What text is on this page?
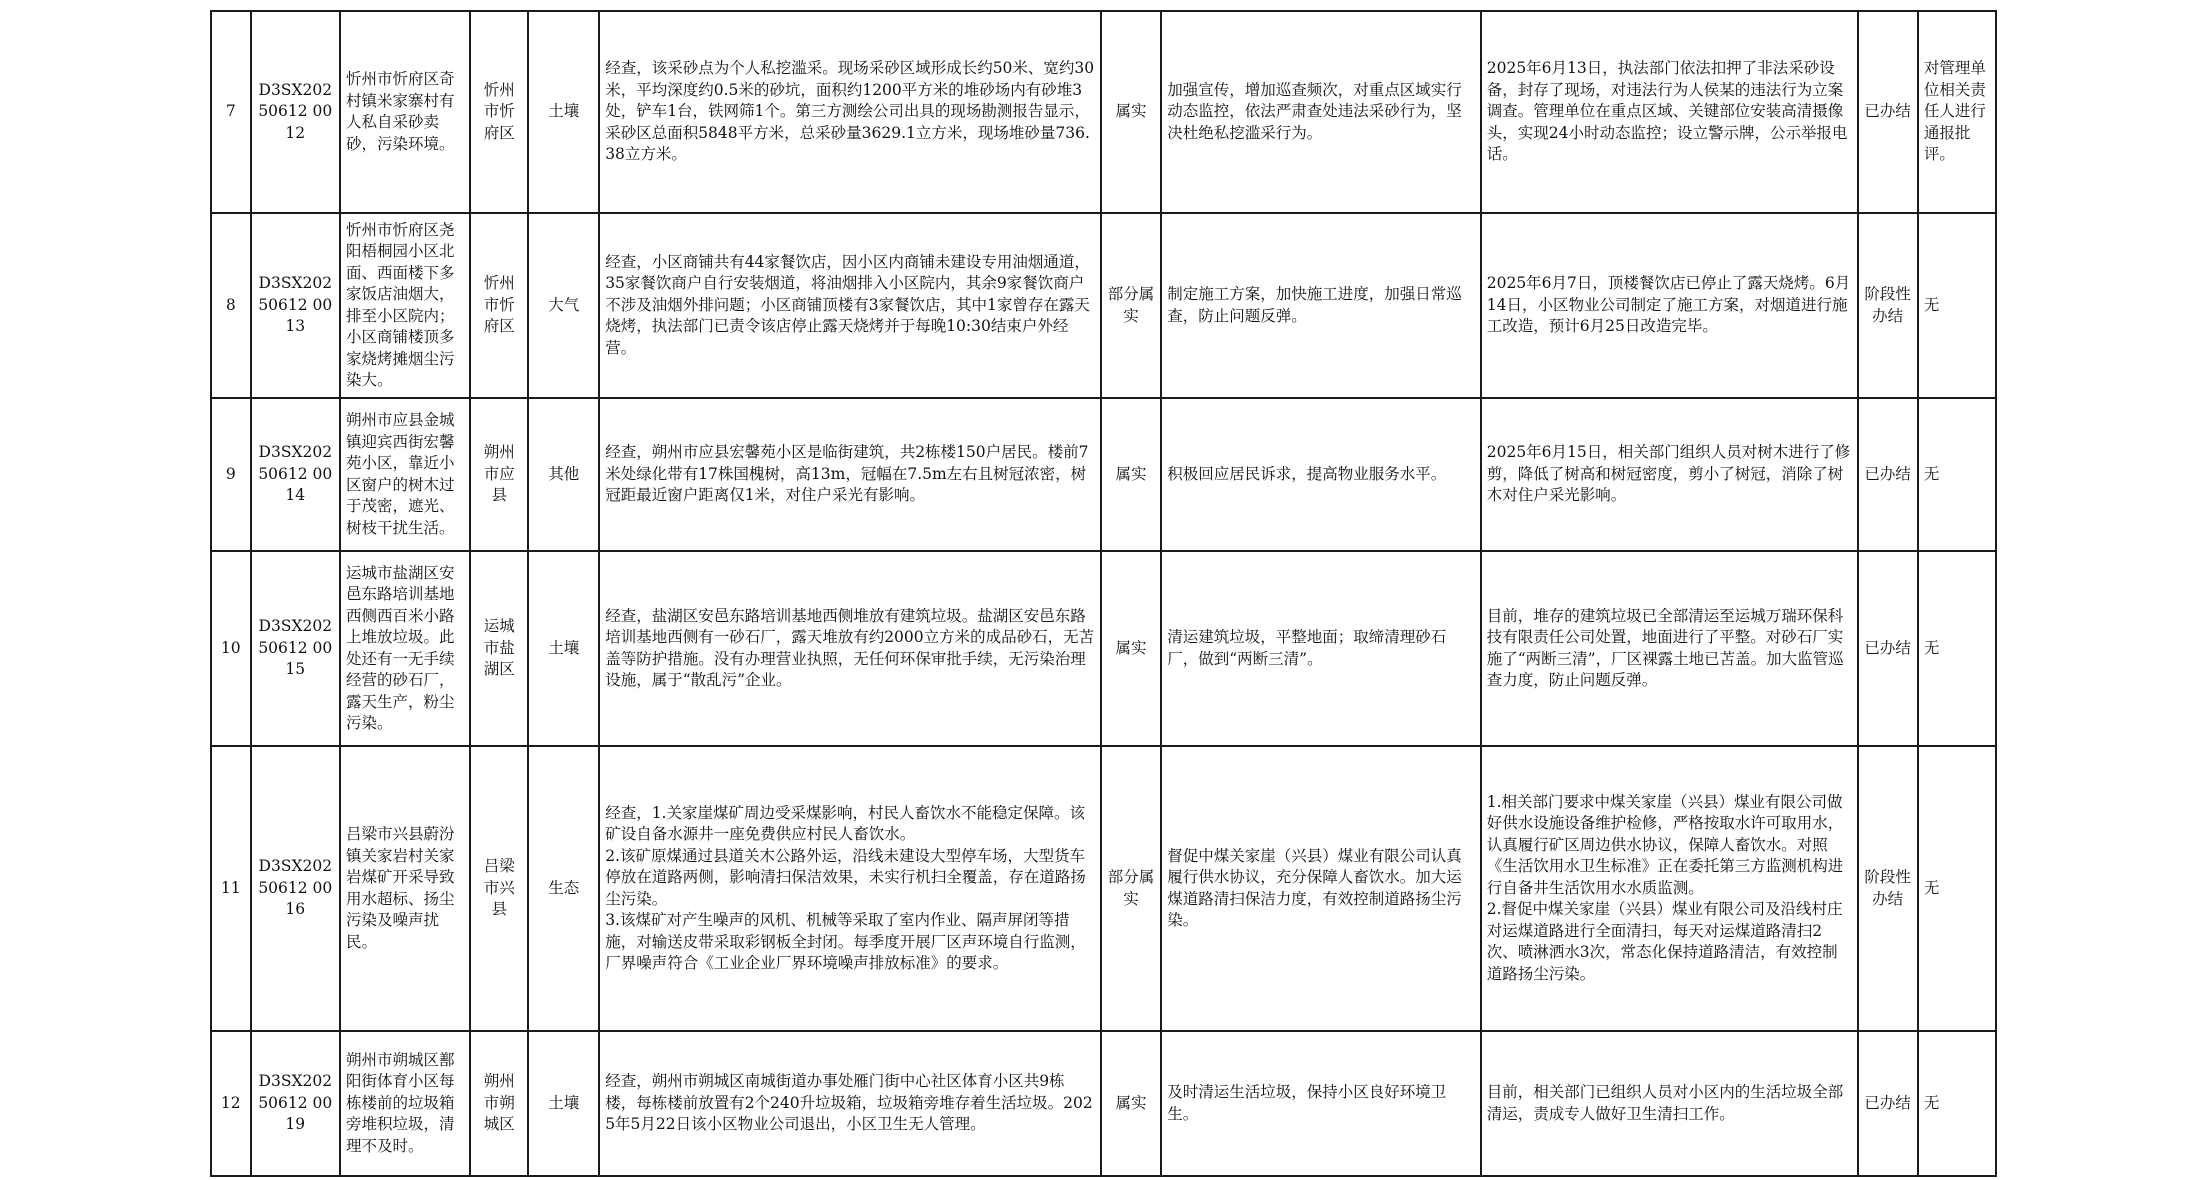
7	D3SX20250612 0012	忻州市忻府区奇村镇米家寨村有人私自采砂卖砂，污染环境。	忻州市忻府区	土壤	经查，该采砂点为个人私挖滥采。现场采砂区域形成长约50米、宽约30米，平均深度约0.5米的砂坑，面积约1200平方米的堆砂场内有砂堆3处，铲车1台，铁网筛1个。第三方测绘公司出具的现场勘测报告显示，采砂区总面积5848平方米，总采砂量3629.1立方米，现场堆砂量736.38立方米。	属实	加强宣传，增加巡查频次，对重点区域实行动态监控，依法严肃查处违法采砂行为，坚决杜绝私挖滥采行为。	2025年6月13日，执法部门依法扣押了非法采砂设备，封存了现场，对违法行为人侯某的违法行为立案调查。管理单位在重点区域、关键部位安装高清摄像头，实现24小时动态监控；设立警示牌，公示举报电话。	已办结	对管理单位相关责任人进行通报批评。
8	D3SX20250612 0013	忻州市忻府区尧阳梧桐园小区北面、西面楼下多家饭店油烟大，排至小区院内；小区商铺楼顶多家烧烤摊烟尘污染大。	忻州市忻府区	大气	经查，小区商铺共有44家餐饮店，因小区内商铺未建设专用油烟通道，35家餐饮商户自行安装烟道，将油烟排入小区院内，其余9家餐饮商户不涉及油烟外排问题；小区商铺顶楼有3家餐饮店，其中1家曾存在露天烧烤，执法部门已责令该店停止露天烧烤并于每晚10:30结束户外经营。	部分属实	制定施工方案，加快施工进度，加强日常巡查，防止问题反弹。	2025年6月7日，顶楼餐饮店已停止了露天烧烤。6月14日，小区物业公司制定了施工方案，对烟道进行施工改造，预计6月25日改造完毕。	阶段性办结	无
9	D3SX20250612 0014	朔州市应县金城镇迎宾西街宏馨苑小区，靠近小区窗户的树木过于茂密，遮光、树枝干扰生活。	朔州市应县	其他	经查，朔州市应县宏馨苑小区是临街建筑，共2栋楼150户居民。楼前7米处绿化带有17株国槐树，高13m，冠幅在7.5m左右且树冠浓密，树冠距最近窗户距离仅1米，对住户采光有影响。	属实	积极回应居民诉求，提高物业服务水平。	2025年6月15日，相关部门组织人员对树木进行了修剪，降低了树高和树冠密度，剪小了树冠，消除了树木对住户采光影响。	已办结	无
10	D3SX20250612 0015	运城市盐湖区安邑东路培训基地西侧西百米小路上堆放垃圾。此处还有一无手续经营的砂石厂，露天生产，粉尘污染。	运城市盐湖区	土壤	经查，盐湖区安邑东路培训基地西侧堆放有建筑垃圾。盐湖区安邑东路培训基地西侧有一砂石厂，露天堆放有约2000立方米的成品砂石，无苫盖等防护措施。没有办理营业执照，无任何环保审批手续，无污染治理设施，属于“散乱污”企业。	属实	清运建筑垃圾，平整地面；取缔清理砂石厂，做到“两断三清”。	目前，堆存的建筑垃圾已全部清运至运城万瑞环保科技有限责任公司处置，地面进行了平整。对砂石厂实施了“两断三清”，厂区裸露土地已苫盖。加大监管巡查力度，防止问题反弹。	已办结	无
11	D3SX20250612 0016	吕梁市兴县蔚汾镇关家岩村关家岩煤矿开采导致用水超标、扬尘污染及噪声扰民。	吕梁市兴县	生态	经查，1.关家崖煤矿周边受采煤影响，村民人畜饮水不能稳定保障。该矿设自备水源井一座免费供应村民人畜饮水。
2.该矿原煤通过县道关木公路外运，沿线未建设大型停车场，大型货车停放在道路两侧，影响清扫保洁效果，未实行机扫全覆盖，存在道路扬尘污染。
3.该煤矿对产生噪声的风机、机械等采取了室内作业、隔声屏闭等措施，对输送皮带采取彩钢板全封闭。每季度开展厂区声环境自行监测，厂界噪声符合《工业企业厂界环境噪声排放标准》的要求。	部分属实	督促中煤关家崖（兴县）煤业有限公司认真履行供水协议，充分保障人畜饮水。加大运煤道路清扫保洁力度，有效控制道路扬尘污染。	1.相关部门要求中煤关家崖（兴县）煤业有限公司做好供水设施设备维护检修，严格按取水许可取用水，认真履行矿区周边供水协议，保障人畜饮水。对照《生活饮用水卫生标准》正在委托第三方监测机构进行自备井生活饮用水水质监测。
2.督促中煤关家崖（兴县）煤业有限公司及沿线村庄对运煤道路进行全面清扫，每天对运煤道路清扫2次、喷淋洒水3次，常态化保持道路清洁，有效控制道路扬尘污染。	阶段性办结	无
12	D3SX20250612 0019	朔州市朔城区鄯阳街体育小区每栋楼前的垃圾箱旁堆积垃圾，清理不及时。	朔州市朔城区	土壤	经查，朔州市朔城区南城街道办事处雁门街中心社区体育小区共9栋楼，每栋楼前放置有2个240升垃圾箱，垃圾箱旁堆存着生活垃圾。2025年5月22日该小区物业公司退出，小区卫生无人管理。	属实	及时清运生活垃圾，保持小区良好环境卫生。	目前，相关部门已组织人员对小区内的生活垃圾全部清运，责成专人做好卫生清扫工作。	已办结	无
